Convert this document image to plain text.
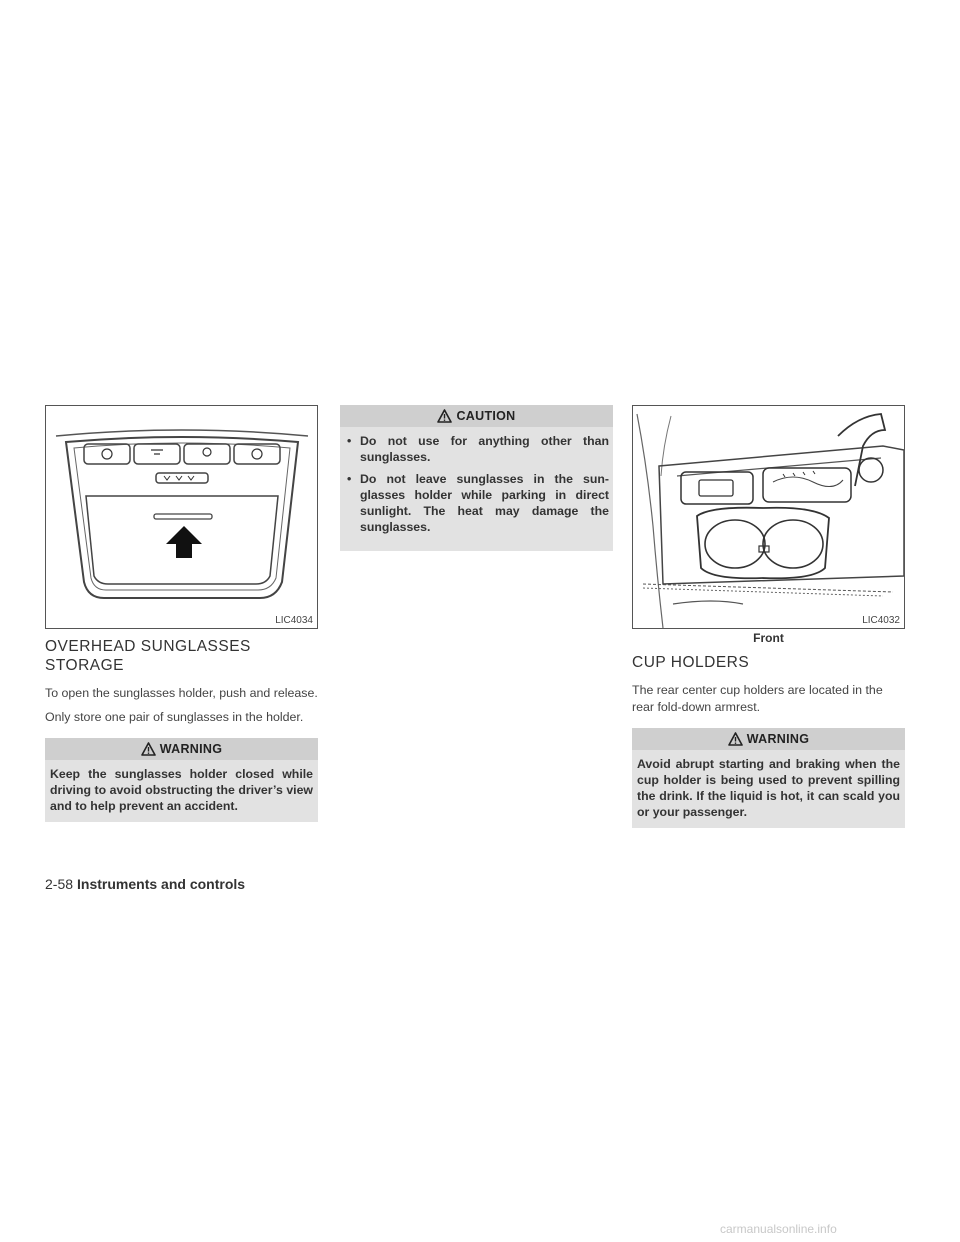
LIC4034
OVERHEAD SUNGLASSES
STORAGE

To open the sunglasses holder, push and release.

Only store one pair of sunglasses in the holder.

WARNING
Keep the sunglasses holder closed while driving to avoid obstructing the driver’s view and to help prevent an accident.
CAUTION
• Do not use for anything other than sunglasses.
• Do not leave sunglasses in the sun-glasses holder while parking in direct sunlight. The heat may damage the sunglasses.
LIC4032
Front
CUP HOLDERS

The rear center cup holders are located in the rear fold-down armrest.

WARNING
Avoid abrupt starting and braking when the cup holder is being used to prevent spilling the drink. If the liquid is hot, it can scald you or your passenger.
2-58 Instruments and controls
carmanualsonline.info
